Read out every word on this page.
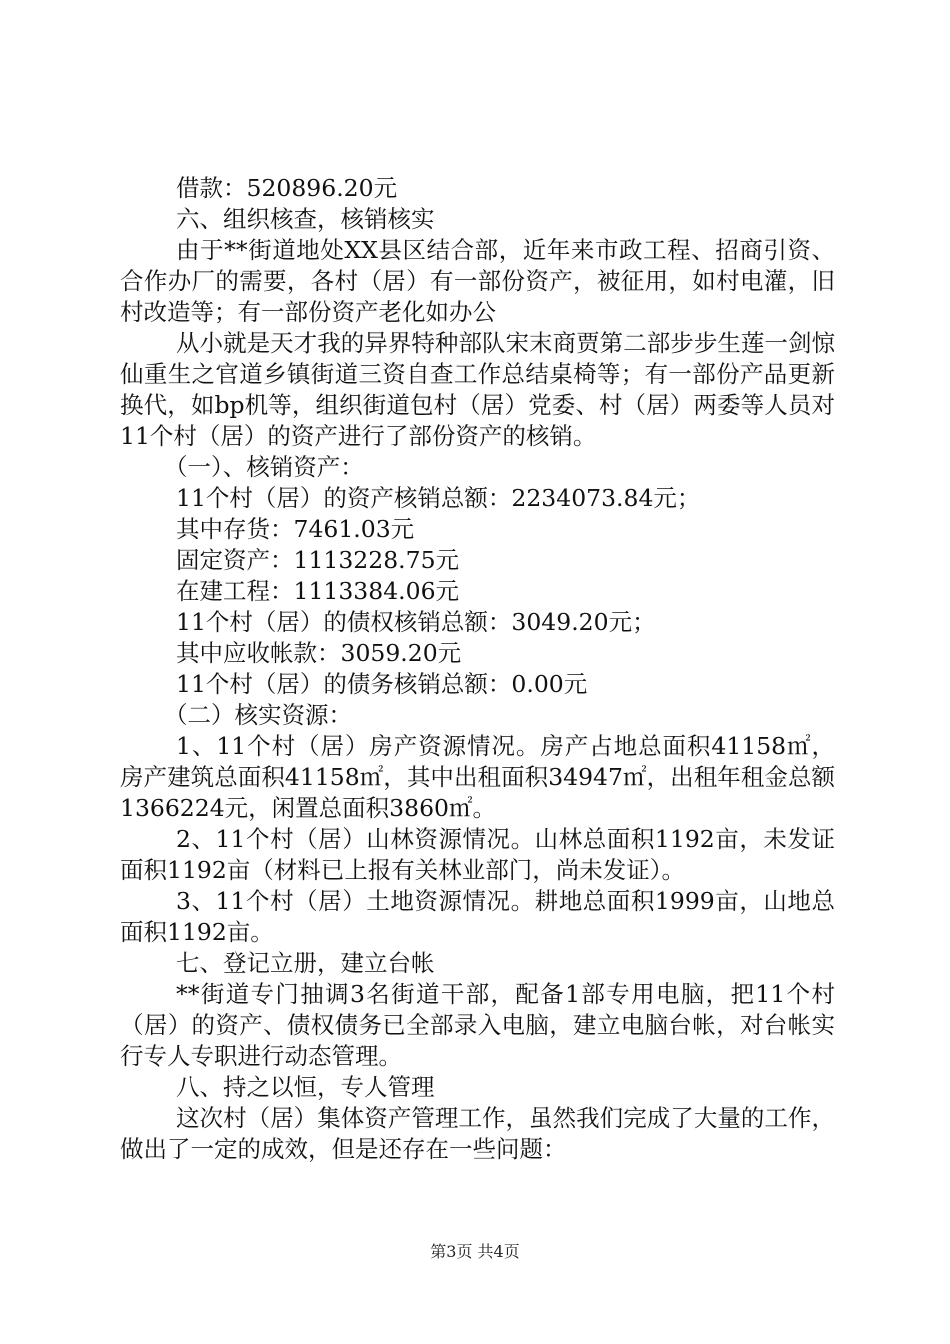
借款：520896.20元

六、组织核查，核销核实

由于**街道地处XX县区结合部，近年来市政工程、招商引资、合作办厂的需要，各村（居）有一部份资产，被征用，如村电灌，旧村改造等；有一部份资产老化如办公

从小就是天才我的异界特种部队宋末商贾第二部步步生莲一剑惊仙重生之官道乡镇街道三资自查工作总结桌椅等；有一部份产品更新换代，如bp机等，组织街道包村（居）党委、村（居）两委等人员对11个村（居）的资产进行了部份资产的核销。

（一）、核销资产：

11个村（居）的资产核销总额：2234073.84元；

其中存货：7461.03元

固定资产：1113228.75元

在建工程：1113384.06元

11个村（居）的债权核销总额：3049.20元；

其中应收帐款：3059.20元

11个村（居）的债务核销总额：0.00元

（二）核实资源：

1、11个村（居）房产资源情况。房产占地总面积41158㎡，房产建筑总面积41158㎡，其中出租面积34947㎡，出租年租金总额1366224元，闲置总面积3860㎡。

2、11个村（居）山林资源情况。山林总面积1192亩，未发证面积1192亩（材料已上报有关林业部门，尚未发证）。

3、11个村（居）土地资源情况。耕地总面积1999亩，山地总面积1192亩。

七、登记立册，建立台帐

**街道专门抽调3名街道干部，配备1部专用电脑，把11个村（居）的资产、债权债务已全部录入电脑，建立电脑台帐，对台帐实行专人专职进行动态管理。

八、持之以恒，专人管理

这次村（居）集体资产管理工作，虽然我们完成了大量的工作，做出了一定的成效，但是还存在一些问题：

第3页 共4页
